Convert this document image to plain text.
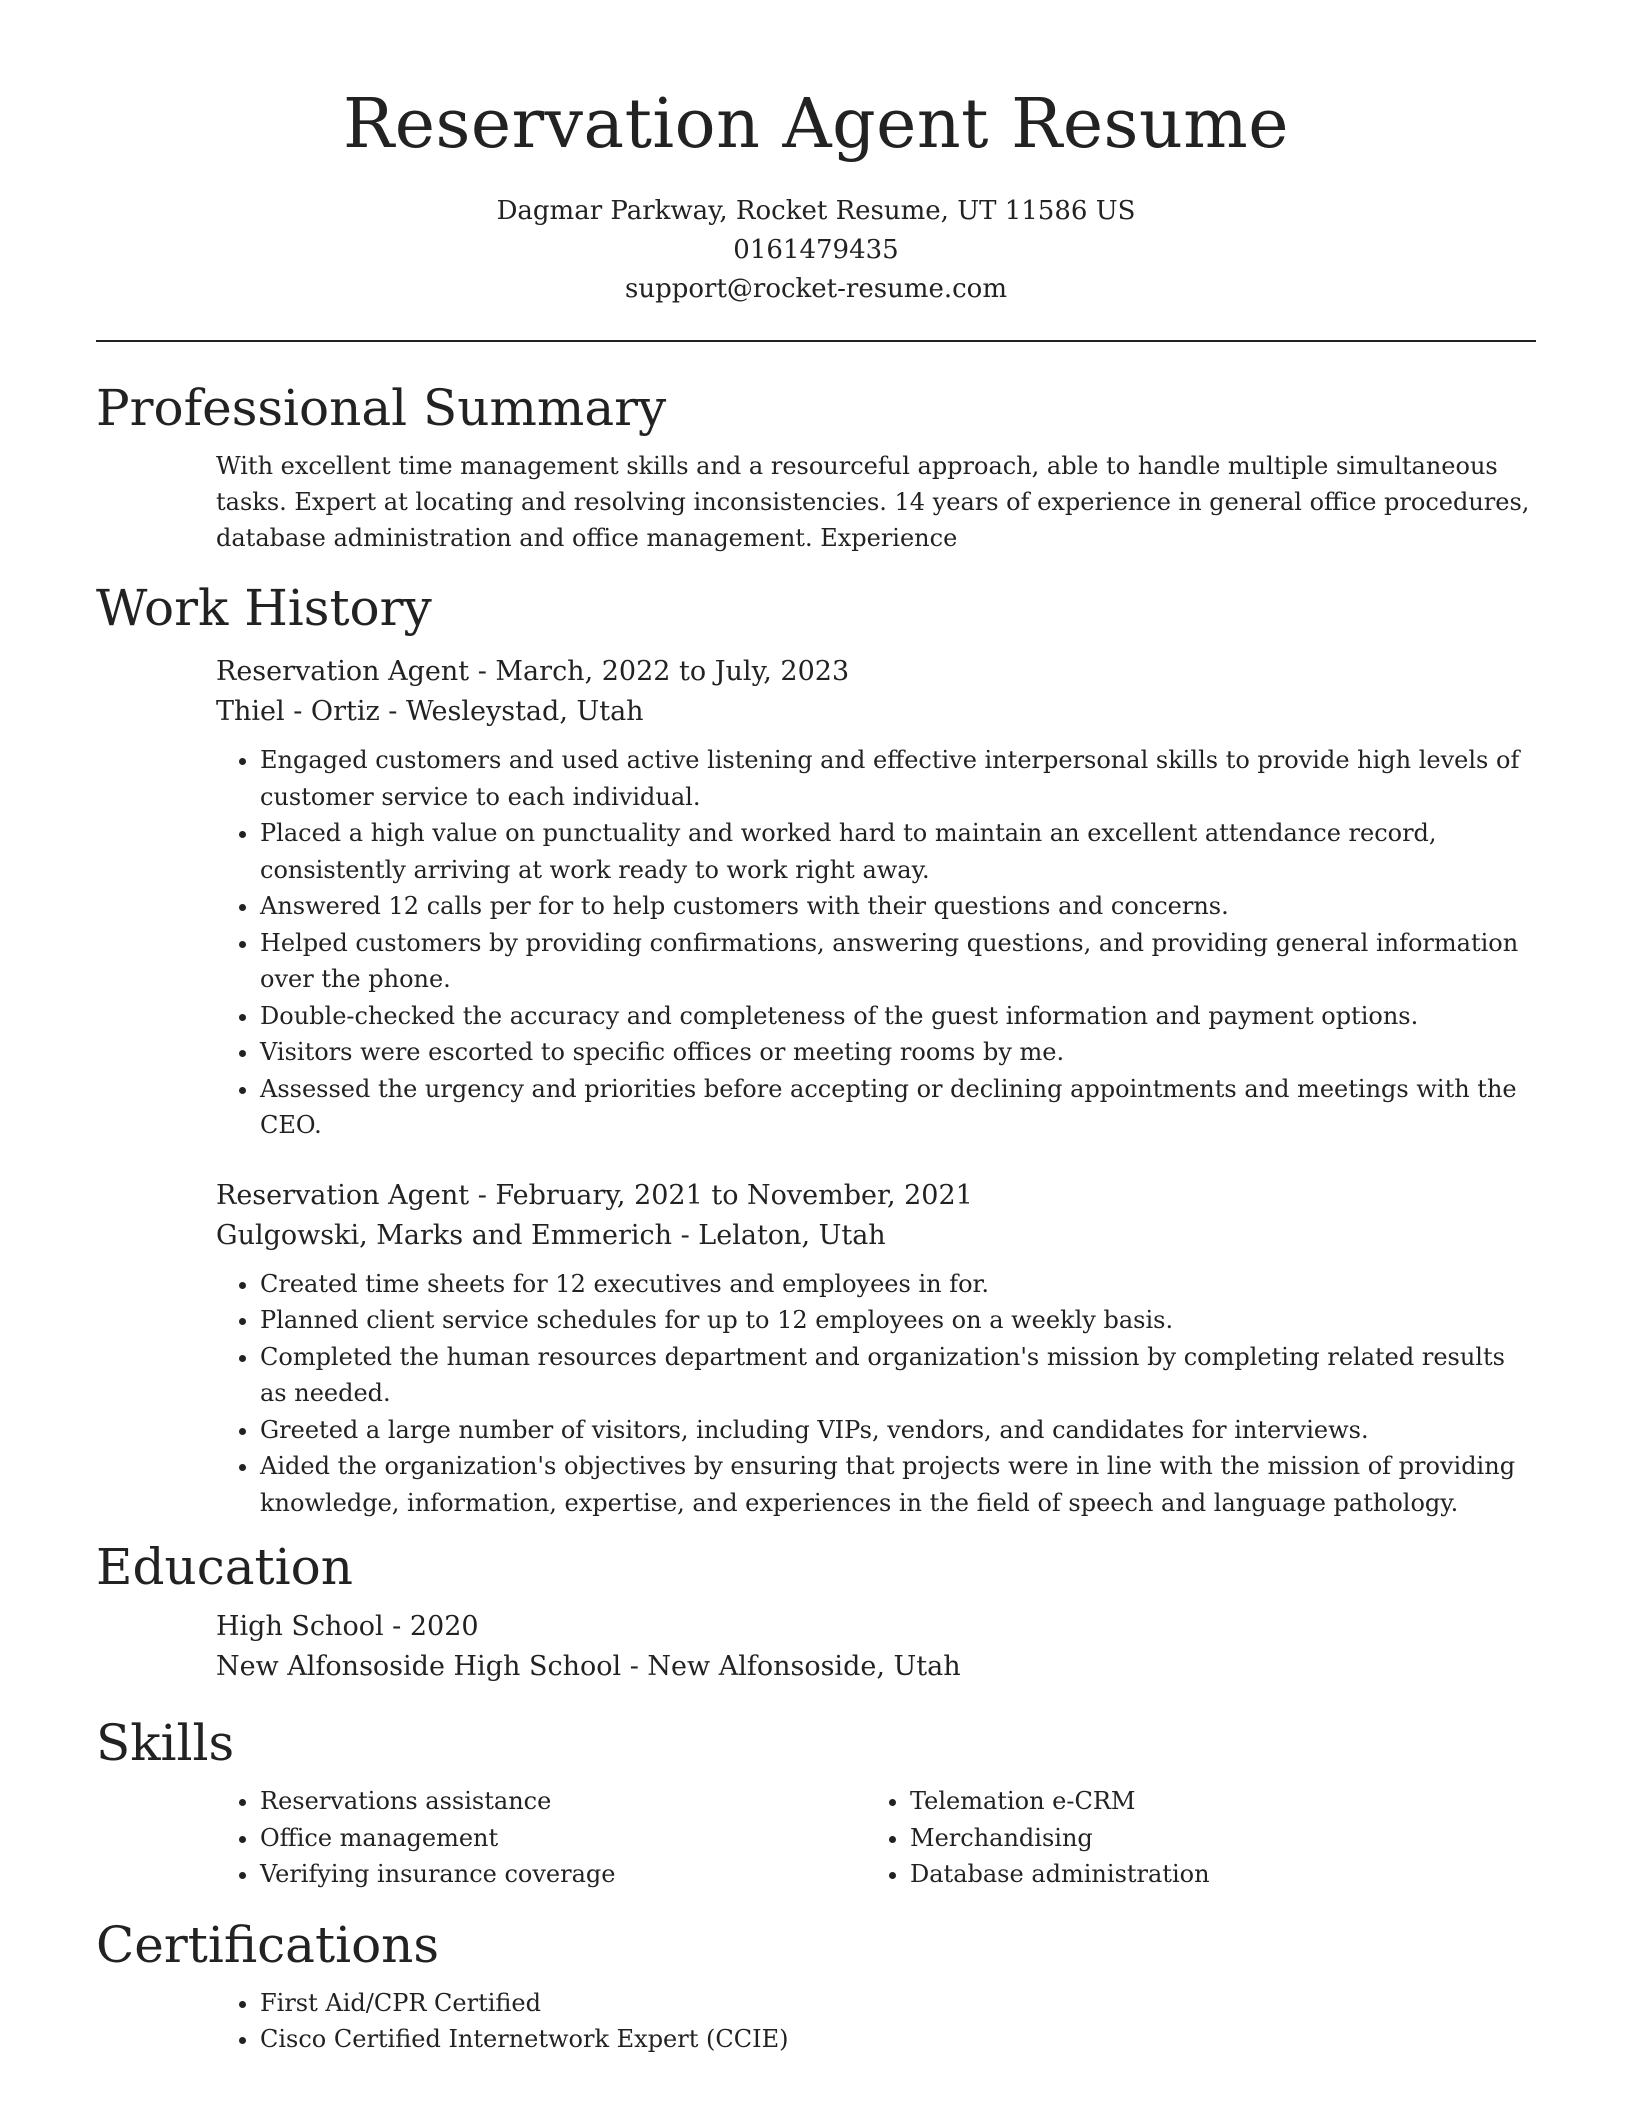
Reservation Agent Resume
Dagmar Parkway, Rocket Resume, UT 11586 US
0161479435
support@rocket-resume.com
Professional Summary
With excellent time management skills and a resourceful approach, able to handle multiple simultaneous tasks. Expert at locating and resolving inconsistencies. 14 years of experience in general office procedures, database administration and office management. Experience
Work History
Reservation Agent - March, 2022 to July, 2023
Thiel - Ortiz - Wesleystad, Utah
• Engaged customers and used active listening and effective interpersonal skills to provide high levels of customer service to each individual.
• Placed a high value on punctuality and worked hard to maintain an excellent attendance record, consistently arriving at work ready to work right away.
• Answered 12 calls per for to help customers with their questions and concerns.
• Helped customers by providing confirmations, answering questions, and providing general information over the phone.
• Double-checked the accuracy and completeness of the guest information and payment options.
• Visitors were escorted to specific offices or meeting rooms by me.
• Assessed the urgency and priorities before accepting or declining appointments and meetings with the CEO.
Reservation Agent - February, 2021 to November, 2021
Gulgowski, Marks and Emmerich - Lelaton, Utah
• Created time sheets for 12 executives and employees in for.
• Planned client service schedules for up to 12 employees on a weekly basis.
• Completed the human resources department and organization's mission by completing related results as needed.
• Greeted a large number of visitors, including VIPs, vendors, and candidates for interviews.
• Aided the organization's objectives by ensuring that projects were in line with the mission of providing knowledge, information, expertise, and experiences in the field of speech and language pathology.
Education
High School - 2020
New Alfonsoside High School - New Alfonsoside, Utah
Skills
• Reservations assistance
• Office management
• Verifying insurance coverage
• Telemation e-CRM
• Merchandising
• Database administration
Certifications
• First Aid/CPR Certified
• Cisco Certified Internetwork Expert (CCIE)
